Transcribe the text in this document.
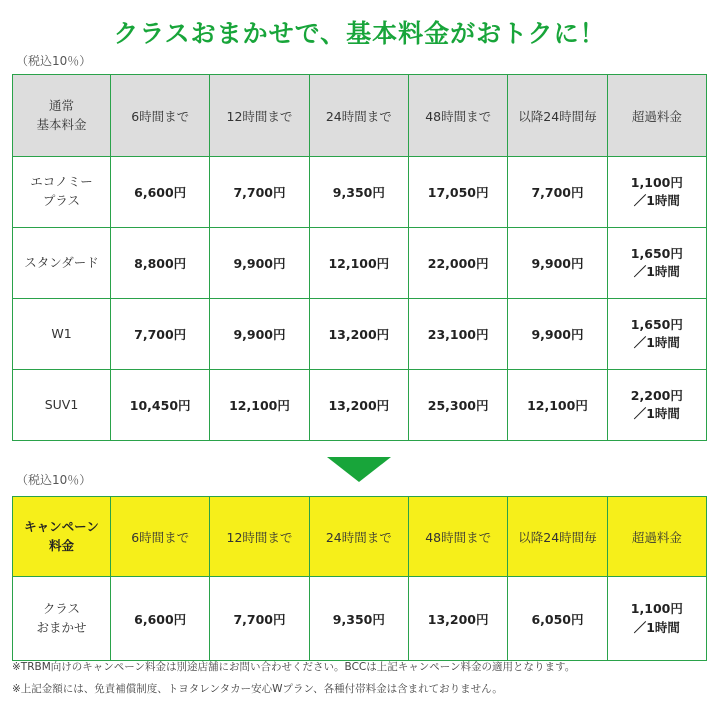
クラスおまかせで、基本料金がおトクに！
（税込10％）
通常
基本料金	6時間まで	12時間まで	24時間まで	48時間まで	以降24時間毎	超過料金
エコノミー
プラス	6,600円	7,700円	9,350円	17,050円	7,700円	1,100円
／1時間
スタンダード	8,800円	9,900円	12,100円	22,000円	9,900円	1,650円
／1時間
W1	7,700円	9,900円	13,200円	23,100円	9,900円	1,650円
／1時間
SUV1	10,450円	12,100円	13,200円	25,300円	12,100円	2,200円
／1時間
（税込10％）
キャンペーン
料金	6時間まで	12時間まで	24時間まで	48時間まで	以降24時間毎	超過料金
クラス
おまかせ	6,600円	7,700円	9,350円	13,200円	6,050円	1,100円
／1時間
※TRBM向けのキャンペーン料金は別途店舗にお問い合わせください。BCCは上記キャンペーン料金の適用となります。
※上記金額には、免責補償制度、トヨタレンタカー安心Wプラン、各種付帯料金は含まれておりません。
